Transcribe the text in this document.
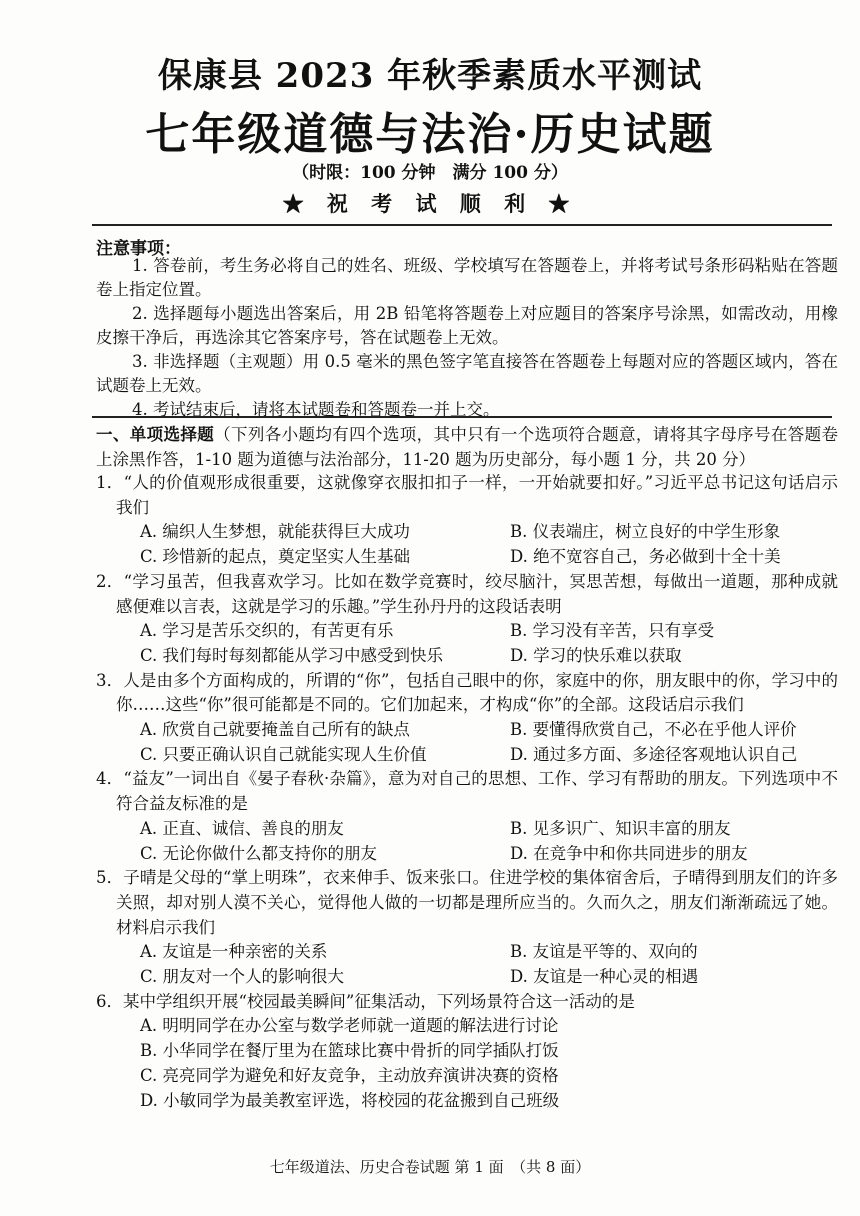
保康县 2023 年秋季素质水平测试
七年级道德与法治·历史试题
（时限：100 分钟　满分 100 分）
★ 祝 考 试 顺 利 ★
注意事项：

1. 答卷前，考生务必将自己的姓名、班级、学校填写在答题卷上，并将考试号条形码粘贴在答题卷上指定位置。

2. 选择题每小题选出答案后，用 2B 铅笔将答题卷上对应题目的答案序号涂黑，如需改动，用橡皮擦干净后，再选涂其它答案序号，答在试题卷上无效。

3. 非选择题（主观题）用 0.5 毫米的黑色签字笔直接答在答题卷上每题对应的答题区域内，答在试题卷上无效。

4. 考试结束后，请将本试题卷和答题卷一并上交。

一、单项选择题（下列各小题均有四个选项，其中只有一个选项符合题意，请将其字母序号在答题卷上涂黑作答，1-10 题为道德与法治部分，11-20 题为历史部分，每小题 1 分，共 20 分）
1．“人的价值观形成很重要，这就像穿衣服扣扣子一样，一开始就要扣好。”习近平总书记这句话启示我们
A. 编织人生梦想，就能获得巨大成功	B. 仪表端庄，树立良好的中学生形象
C. 珍惜新的起点，奠定坚实人生基础	D. 绝不宽容自己，务必做到十全十美
2．“学习虽苦，但我喜欢学习。比如在数学竞赛时，绞尽脑汁，冥思苦想，每做出一道题，那种成就感便难以言表，这就是学习的乐趣。”学生孙丹丹的这段话表明
A. 学习是苦乐交织的，有苦更有乐	B. 学习没有辛苦，只有享受
C. 我们每时每刻都能从学习中感受到快乐	D. 学习的快乐难以获取
3．人是由多个方面构成的，所谓的“你”，包括自己眼中的你，家庭中的你，朋友眼中的你，学习中的你……这些“你”很可能都是不同的。它们加起来，才构成“你”的全部。这段话启示我们
A. 欣赏自己就要掩盖自己所有的缺点	B. 要懂得欣赏自己，不必在乎他人评价
C. 只要正确认识自己就能实现人生价值	D. 通过多方面、多途径客观地认识自己
4．“益友”一词出自《晏子春秋·杂篇》，意为对自己的思想、工作、学习有帮助的朋友。下列选项中不符合益友标准的是
A. 正直、诚信、善良的朋友	B. 见多识广、知识丰富的朋友
C. 无论你做什么都支持你的朋友	D. 在竞争中和你共同进步的朋友
5．子晴是父母的“掌上明珠”，衣来伸手、饭来张口。住进学校的集体宿舍后，子晴得到朋友们的许多关照，却对别人漠不关心，觉得他人做的一切都是理所应当的。久而久之，朋友们渐渐疏远了她。材料启示我们
A. 友谊是一种亲密的关系	B. 友谊是平等的、双向的
C. 朋友对一个人的影响很大	D. 友谊是一种心灵的相遇
6．某中学组织开展“校园最美瞬间”征集活动，下列场景符合这一活动的是
A. 明明同学在办公室与数学老师就一道题的解法进行讨论
B. 小华同学在餐厅里为在篮球比赛中骨折的同学插队打饭
C. 亮亮同学为避免和好友竞争，主动放弃演讲决赛的资格
D. 小敏同学为最美教室评选，将校园的花盆搬到自己班级
七年级道法、历史合卷试题 第 1 面　（共 8 面）
